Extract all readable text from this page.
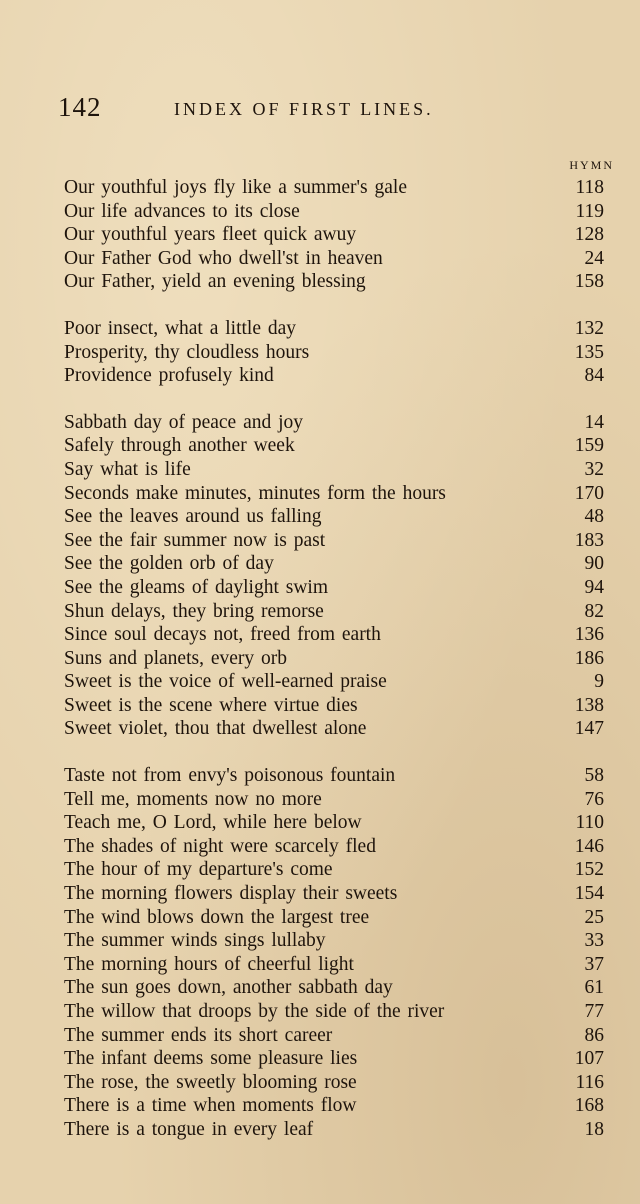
142	INDEX OF FIRST LINES.
HYMN
Our youthful joys fly like a summer's gale	118
Our life advances to its close	119
Our youthful years fleet quick awuy	128
Our Father God who dwell'st in heaven	24
Our Father, yield an evening blessing	158
Poor insect, what a little day	132
Prosperity, thy cloudless hours	135
Providence profusely kind	84
Sabbath day of peace and joy	14
Safely through another week	159
Say what is life	32
Seconds make minutes, minutes form the hours	170
See the leaves around us falling	48
See the fair summer now is past	183
See the golden orb of day	90
See the gleams of daylight swim	94
Shun delays, they bring remorse	82
Since soul decays not, freed from earth	136
Suns and planets, every orb	186
Sweet is the voice of well-earned praise	9
Sweet is the scene where virtue dies	138
Sweet violet, thou that dwellest alone	147
Taste not from envy's poisonous fountain	58
Tell me, moments now no more	76
Teach me, O Lord, while here below	110
The shades of night were scarcely fled	146
The hour of my departure's come	152
The morning flowers display their sweets	154
The wind blows down the largest tree	25
The summer winds sings lullaby	33
The morning hours of cheerful light	37
The sun goes down, another sabbath day	61
The willow that droops by the side of the river	77
The summer ends its short career	86
The infant deems some pleasure lies	107
The rose, the sweetly blooming rose	116
There is a time when moments flow	168
There is a tongue in every leaf	18
